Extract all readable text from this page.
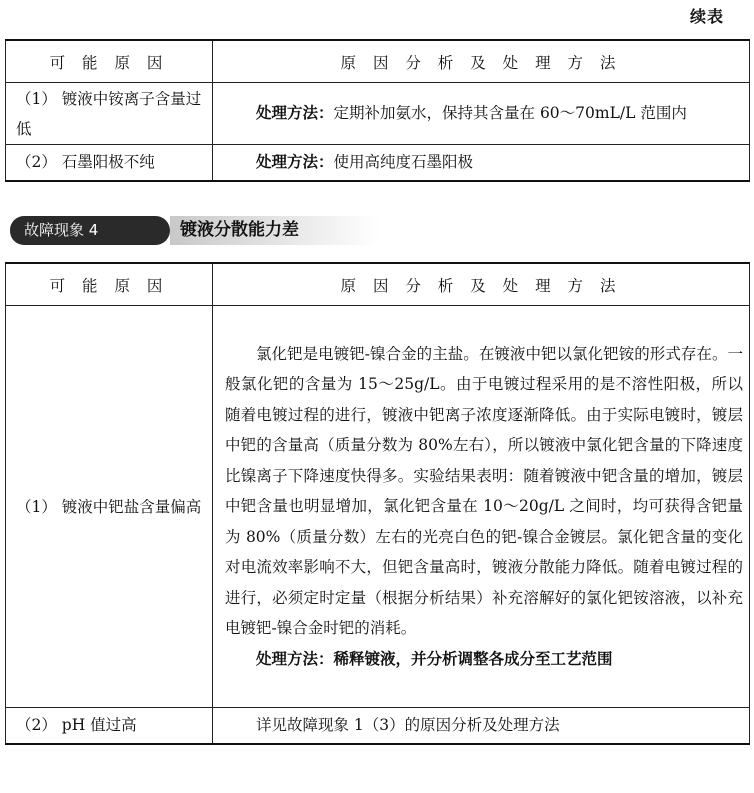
续表
可 能 原 因	原 因 分 析 及 处 理 方 法
（1） 镀液中铵离子含量过低	处理方法：定期补加氨水，保持其含量在 60～70mL/L 范围内

（2） 石墨阳极不纯	处理方法：使用高纯度石墨阳极

故障现象 4	镀液分散能力差
可 能 原 因	原 因 分 析 及 处 理 方 法
（1） 镀液中钯盐含量偏高	氯化钯是电镀钯-镍合金的主盐。在镀液中钯以氯化钯铵的形式存在。一般氯化钯的含量为 15～25g/L。由于电镀过程采用的是不溶性阳极，所以随着电镀过程的进行，镀液中钯离子浓度逐渐降低。由于实际电镀时，镀层中钯的含量高（质量分数为 80%左右），所以镀液中氯化钯含量的下降速度比镍离子下降速度快得多。实验结果表明：随着镀液中钯含量的增加，镀层中钯含量也明显增加，氯化钯含量在 10～20g/L 之间时，均可获得含钯量为 80%（质量分数）左右的光亮白色的钯-镍合金镀层。氯化钯含量的变化对电流效率影响不大，但钯含量高时，镀液分散能力降低。随着电镀过程的进行，必须定时定量（根据分析结果）补充溶解好的氯化钯铵溶液，以补充电镀钯-镍合金时钯的消耗。

处理方法：稀释镀液，并分析调整各成分至工艺范围

（2） pH 值过高	详见故障现象 1（3）的原因分析及处理方法
